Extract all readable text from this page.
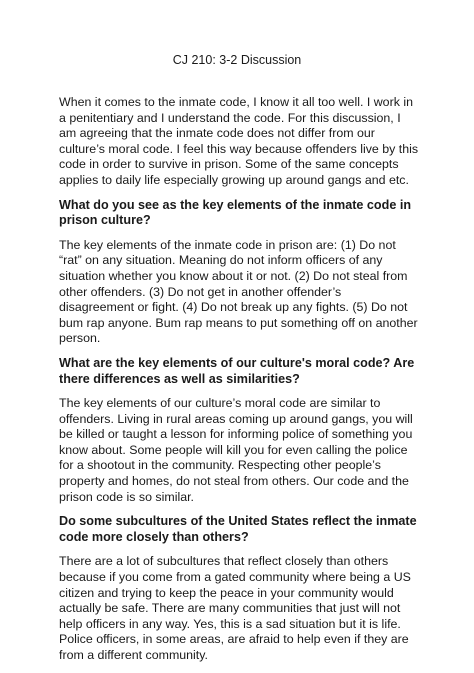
CJ 210: 3-2 Discussion

When it comes to the inmate code, I know it all too well. I work in a penitentiary and I understand the code. For this discussion, I am agreeing that the inmate code does not differ from our culture’s moral code. I feel this way because offenders live by this code in order to survive in prison. Some of the same concepts applies to daily life especially growing up around gangs and etc.

What do you see as the key elements of the inmate code in prison culture?

The key elements of the inmate code in prison are: (1) Do not “rat” on any situation. Meaning do not inform officers of any situation whether you know about it or not. (2) Do not steal from other offenders. (3) Do not get in another offender’s disagreement or fight. (4) Do not break up any fights. (5) Do not bum rap anyone. Bum rap means to put something off on another person.

What are the key elements of our culture's moral code? Are there differences as well as similarities?

The key elements of our culture’s moral code are similar to offenders. Living in rural areas coming up around gangs, you will be killed or taught a lesson for informing police of something you know about. Some people will kill you for even calling the police for a shootout in the community. Respecting other people’s property and homes, do not steal from others. Our code and the prison code is so similar.

Do some subcultures of the United States reflect the inmate code more closely than others?

There are a lot of subcultures that reflect closely than others because if you come from a gated community where being a US citizen and trying to keep the peace in your community would actually be safe. There are many communities that just will not help officers in any way. Yes, this is a sad situation but it is life. Police officers, in some areas, are afraid to help even if they are from a different community.
